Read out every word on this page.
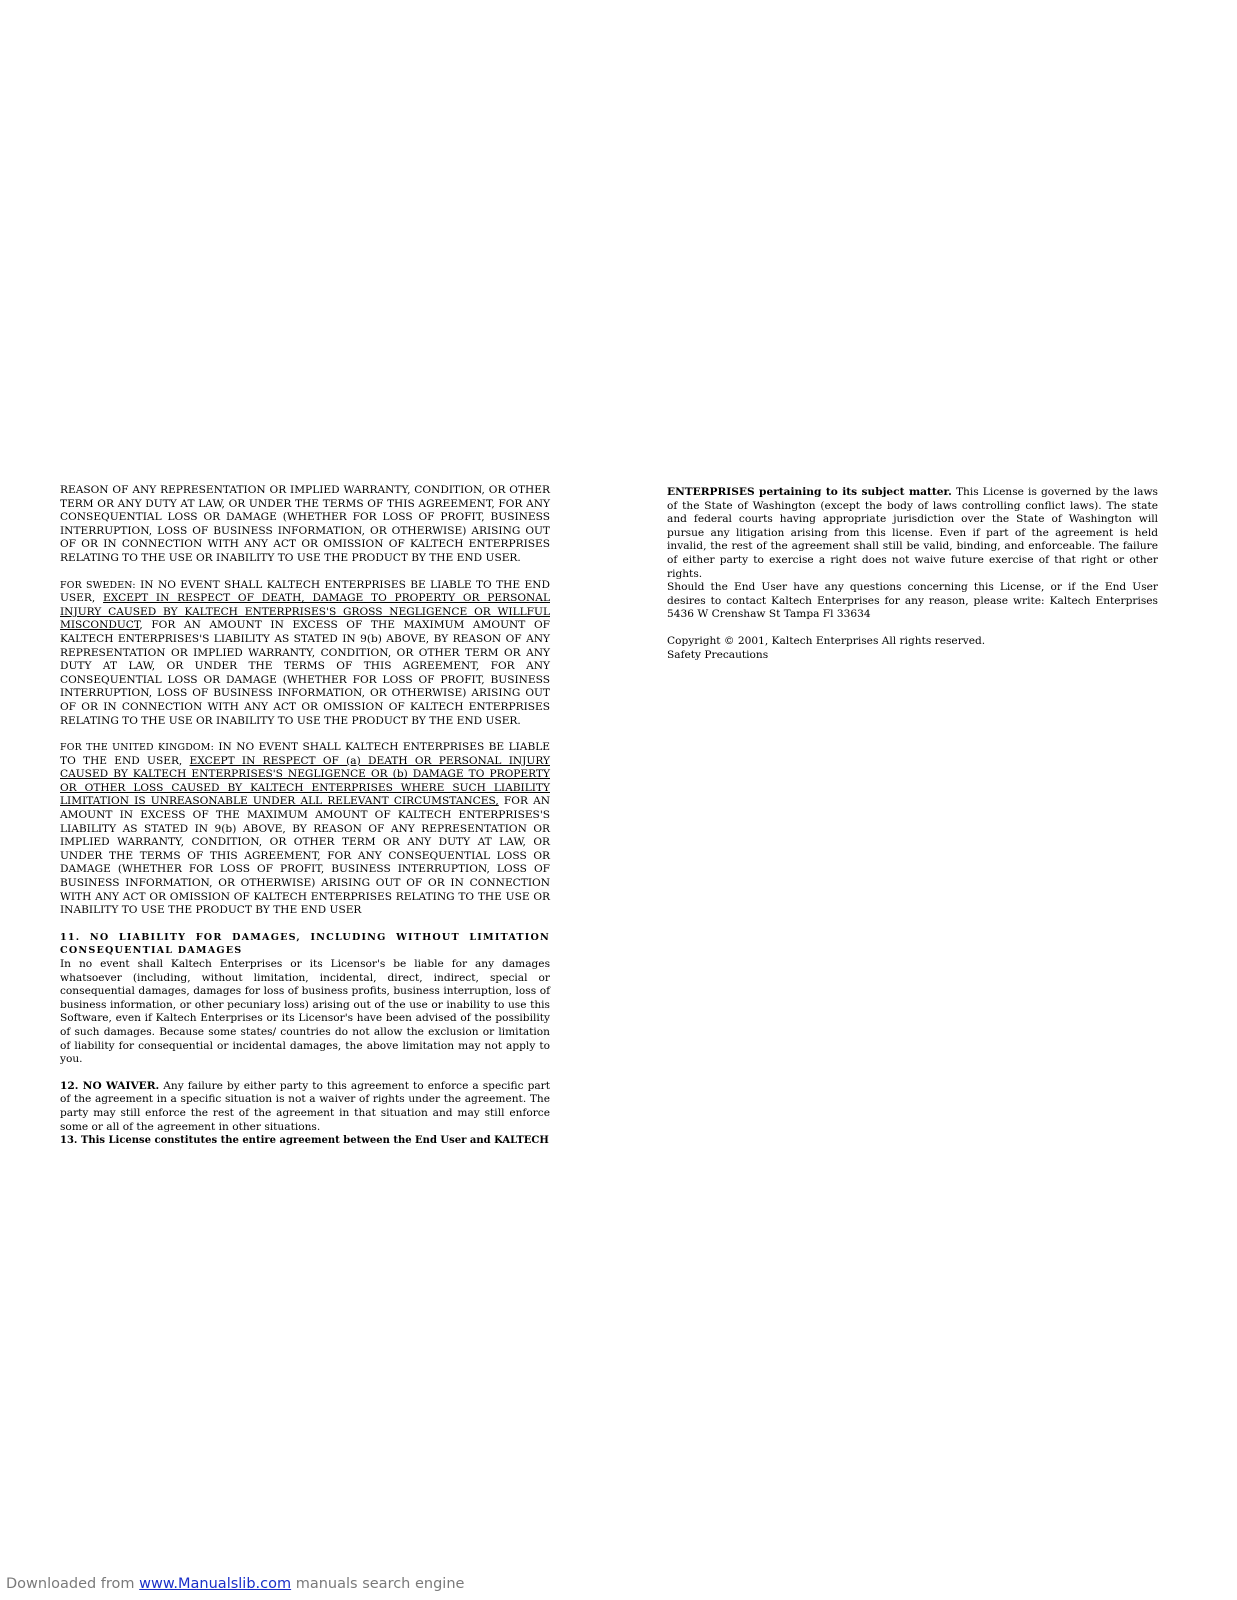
REASON OF ANY REPRESENTATION OR IMPLIED WARRANTY, CONDITION, OR OTHER TERM OR ANY DUTY AT LAW, OR UNDER THE TERMS OF THIS AGREEMENT, FOR ANY CONSEQUENTIAL LOSS OR DAMAGE (WHETHER FOR LOSS OF PROFIT, BUSINESS INTERRUPTION, LOSS OF BUSINESS INFORMATION, OR OTHERWISE) ARISING OUT OF OR IN CONNECTION WITH ANY ACT OR OMISSION OF KALTECH ENTERPRISES RELATING TO THE USE OR INABILITY TO USE THE PRODUCT BY THE END USER.

FOR SWEDEN: IN NO EVENT SHALL KALTECH ENTERPRISES BE LIABLE TO THE END USER, EXCEPT IN RESPECT OF DEATH, DAMAGE TO PROPERTY OR PERSONAL INJURY CAUSED BY KALTECH ENTERPRISES'S GROSS NEGLIGENCE OR WILLFUL MISCONDUCT, FOR AN AMOUNT IN EXCESS OF THE MAXIMUM AMOUNT OF KALTECH ENTERPRISES'S LIABILITY AS STATED IN 9(b) ABOVE, BY REASON OF ANY REPRESENTATION OR IMPLIED WARRANTY, CONDITION, OR OTHER TERM OR ANY DUTY AT LAW, OR UNDER THE TERMS OF THIS AGREEMENT, FOR ANY CONSEQUENTIAL LOSS OR DAMAGE (WHETHER FOR LOSS OF PROFIT, BUSINESS INTERRUPTION, LOSS OF BUSINESS INFORMATION, OR OTHERWISE) ARISING OUT OF OR IN CONNECTION WITH ANY ACT OR OMISSION OF KALTECH ENTERPRISES RELATING TO THE USE OR INABILITY TO USE THE PRODUCT BY THE END USER.

FOR THE UNITED KINGDOM: IN NO EVENT SHALL KALTECH ENTERPRISES BE LIABLE TO THE END USER, EXCEPT IN RESPECT OF (a) DEATH OR PERSONAL INJURY CAUSED BY KALTECH ENTERPRISES'S NEGLIGENCE OR (b) DAMAGE TO PROPERTY OR OTHER LOSS CAUSED BY KALTECH ENTERPRISES WHERE SUCH LIABILITY LIMITATION IS UNREASONABLE UNDER ALL RELEVANT CIRCUMSTANCES, FOR AN AMOUNT IN EXCESS OF THE MAXIMUM AMOUNT OF KALTECH ENTERPRISES'S LIABILITY AS STATED IN 9(b) ABOVE, BY REASON OF ANY REPRESENTATION OR IMPLIED WARRANTY, CONDITION, OR OTHER TERM OR ANY DUTY AT LAW, OR UNDER THE TERMS OF THIS AGREEMENT, FOR ANY CONSEQUENTIAL LOSS OR DAMAGE (WHETHER FOR LOSS OF PROFIT, BUSINESS INTERRUPTION, LOSS OF BUSINESS INFORMATION, OR OTHERWISE) ARISING OUT OF OR IN CONNECTION WITH ANY ACT OR OMISSION OF KALTECH ENTERPRISES RELATING TO THE USE OR INABILITY TO USE THE PRODUCT BY THE END USER

11. NO LIABILITY FOR DAMAGES, INCLUDING WITHOUT LIMITATION CONSEQUENTIAL DAMAGES

In no event shall Kaltech Enterprises or its Licensor's be liable for any damages whatsoever (including, without limitation, incidental, direct, indirect, special or consequential damages, damages for loss of business profits, business interruption, loss of business information, or other pecuniary loss) arising out of the use or inability to use this Software, even if Kaltech Enterprises or its Licensor's have been advised of the possibility of such damages. Because some states/ countries do not allow the exclusion or limitation of liability for consequential or incidental damages, the above limitation may not apply to you.

12. NO WAIVER. Any failure by either party to this agreement to enforce a specific part of the agreement in a specific situation is not a waiver of rights under the agreement. The party may still enforce the rest of the agreement in that situation and may still enforce some or all of the agreement in other situations.

13. This License constitutes the entire agreement between the End User and KALTECH

ENTERPRISES pertaining to its subject matter. This License is governed by the laws of the State of Washington (except the body of laws controlling conflict laws). The state and federal courts having appropriate jurisdiction over the State of Washington will pursue any litigation arising from this license. Even if part of the agreement is held invalid, the rest of the agreement shall still be valid, binding, and enforceable. The failure of either party to exercise a right does not waive future exercise of that right or other rights.

Should the End User have any questions concerning this License, or if the End User desires to contact Kaltech Enterprises for any reason, please write: Kaltech Enterprises 5436 W Crenshaw St Tampa Fl 33634

Copyright © 2001, Kaltech Enterprises All rights reserved.

Safety Precautions

Downloaded from www.Manualslib.com manuals search engine
